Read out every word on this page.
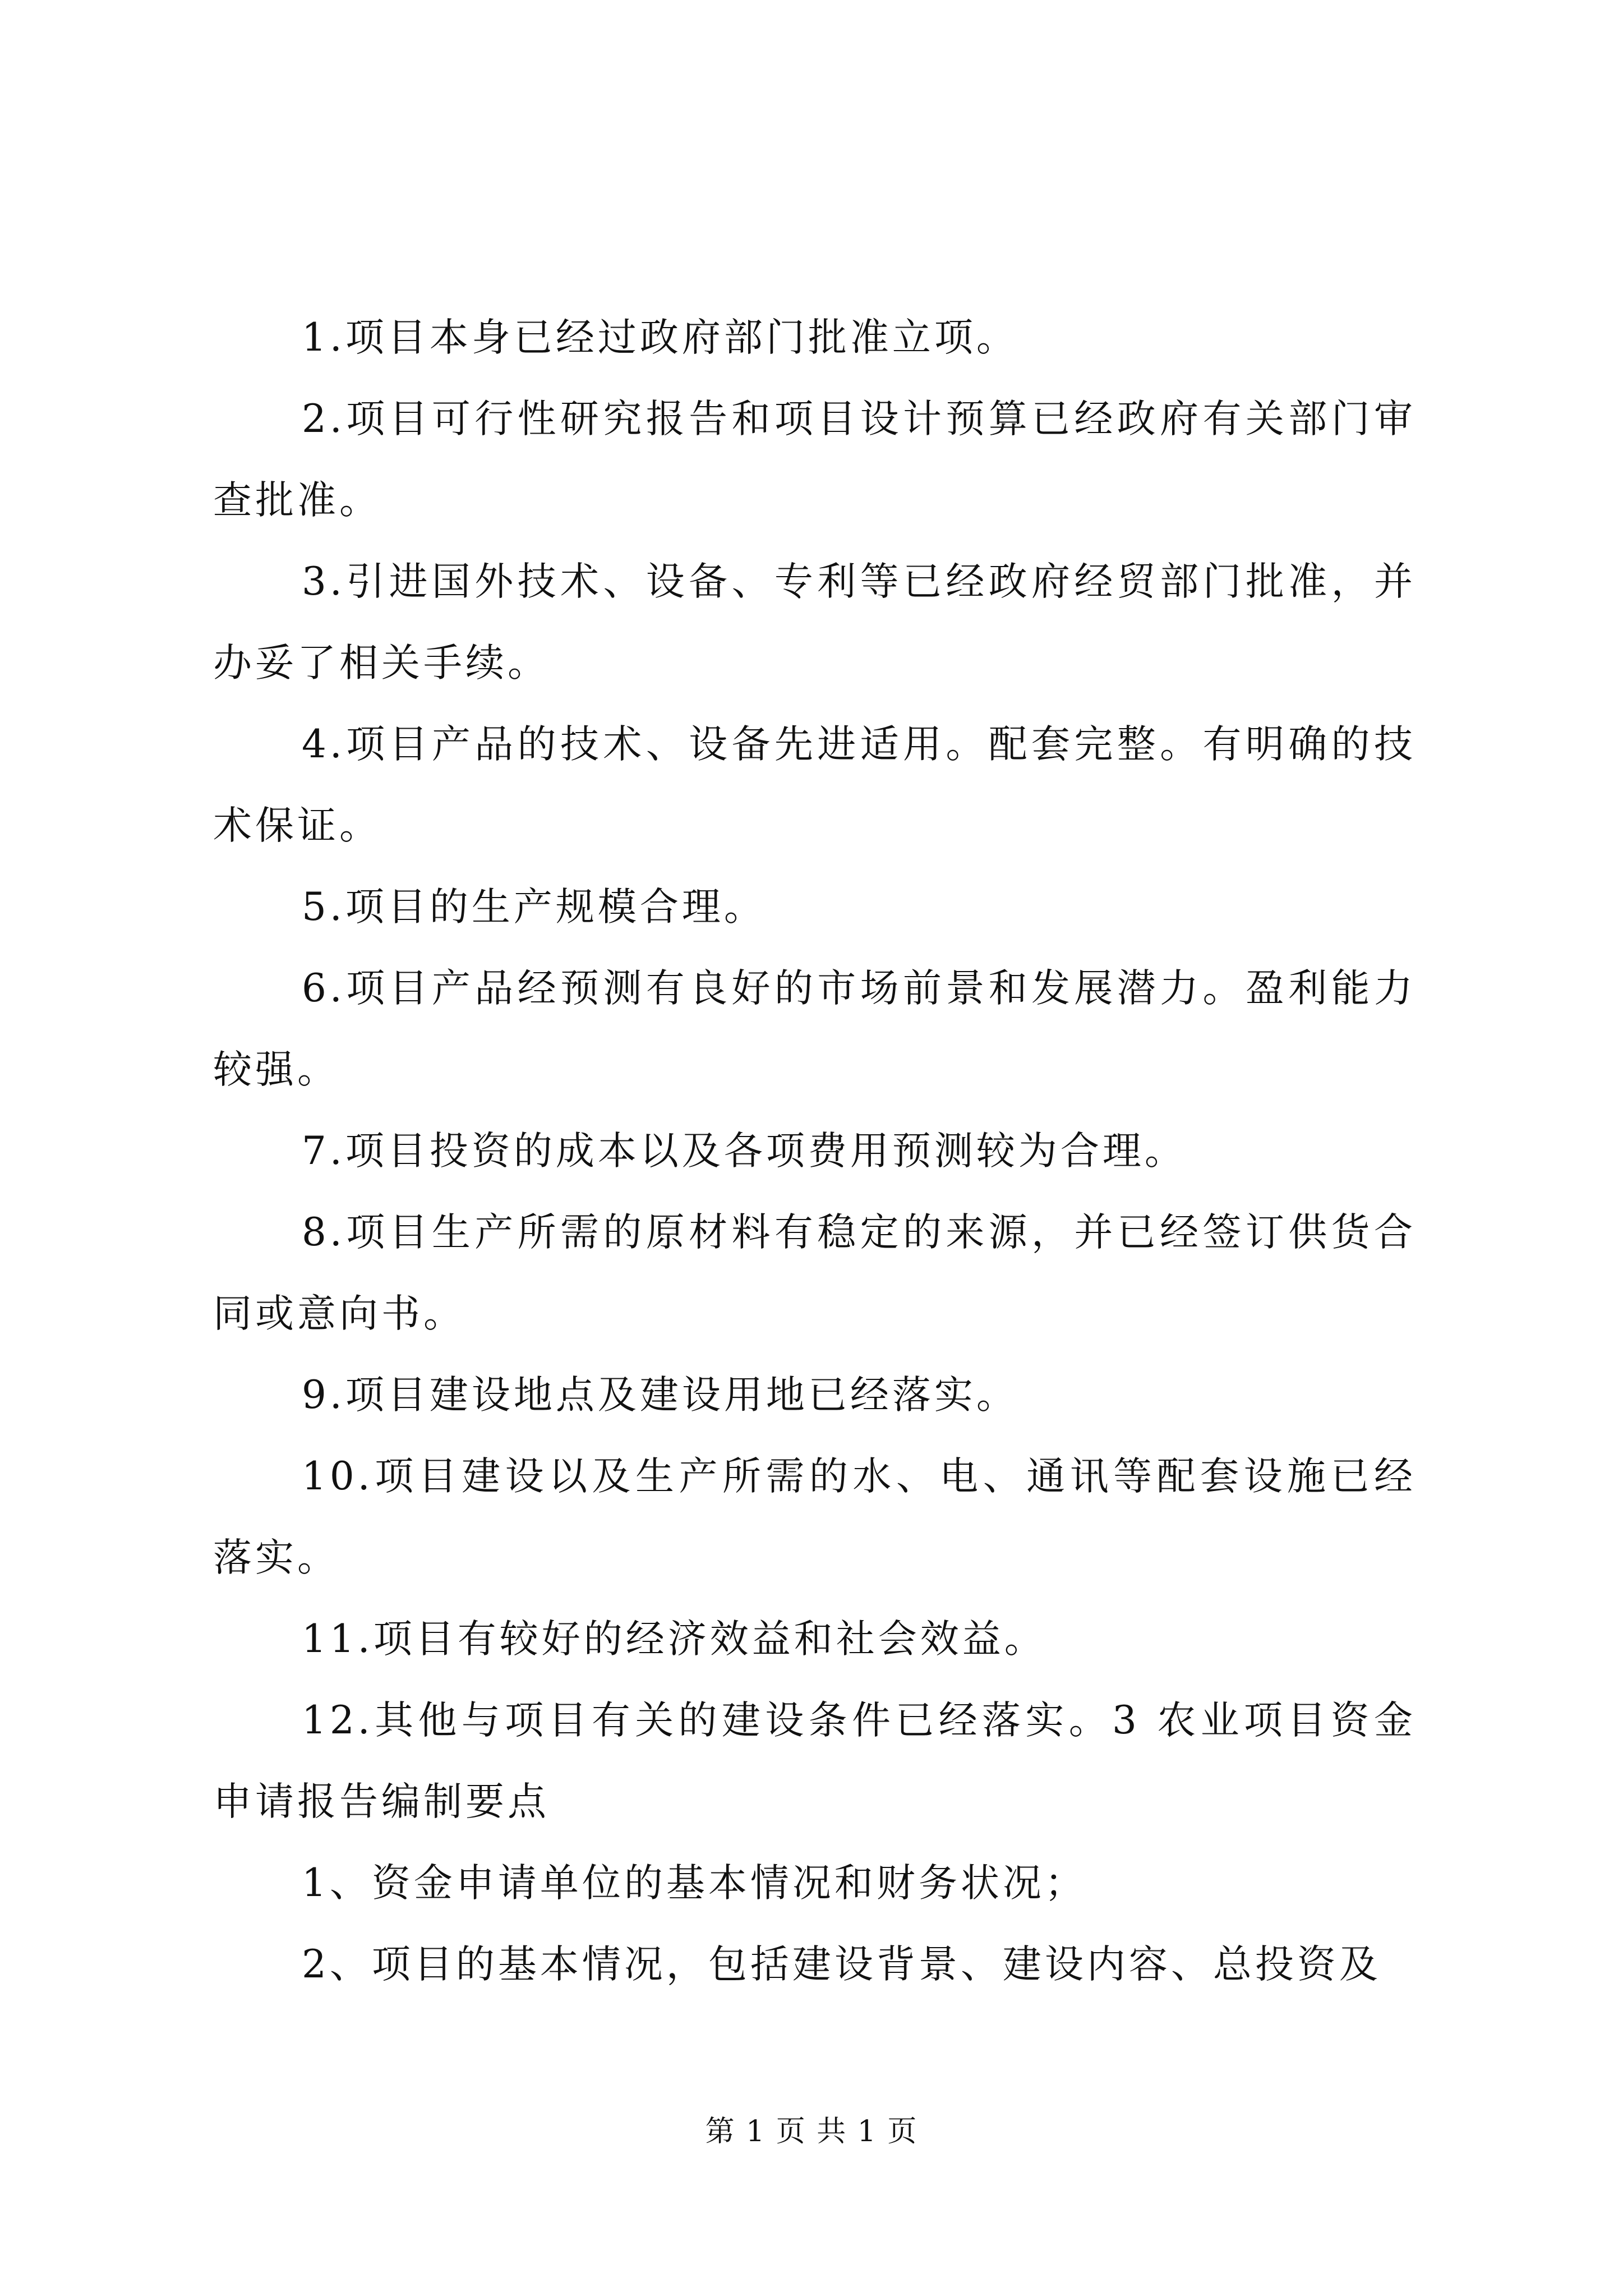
1.项目本身已经过政府部门批准立项。

2.项目可行性研究报告和项目设计预算已经政府有关部门审查批准。

3.引进国外技术、设备、专利等已经政府经贸部门批准，并办妥了相关手续。

4.项目产品的技术、设备先进适用。配套完整。有明确的技术保证。

5.项目的生产规模合理。

6.项目产品经预测有良好的市场前景和发展潜力。盈利能力较强。

7.项目投资的成本以及各项费用预测较为合理。

8.项目生产所需的原材料有稳定的来源，并已经签订供货合同或意向书。

9.项目建设地点及建设用地已经落实。

10.项目建设以及生产所需的水、电、通讯等配套设施已经落实。

11.项目有较好的经济效益和社会效益。

12.其他与项目有关的建设条件已经落实。3 农业项目资金申请报告编制要点

1、资金申请单位的基本情况和财务状况；

2、项目的基本情况，包括建设背景、建设内容、总投资及

第 1 页 共 1 页
